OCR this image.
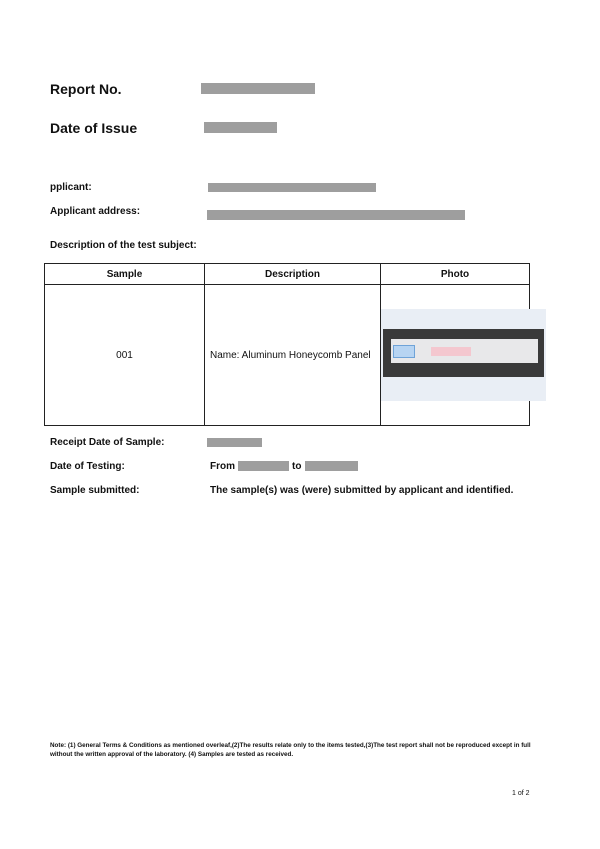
Report No.
Date of Issue
pplicant:
Applicant address:
Description of the test subject:
Sample	Description	Photo
001	Name: Aluminum Honeycomb Panel	
Receipt Date of Sample:
Date of Testing:	From	to
Sample submitted:	The sample(s) was (were) submitted by applicant and identified.
Note: (1) General Terms & Conditions as mentioned overleaf,(2)The results relate only to the items tested,(3)The test report shall not be reproduced except in full without the written approval of the laboratory. (4) Samples are tested as received.
1 of 2
